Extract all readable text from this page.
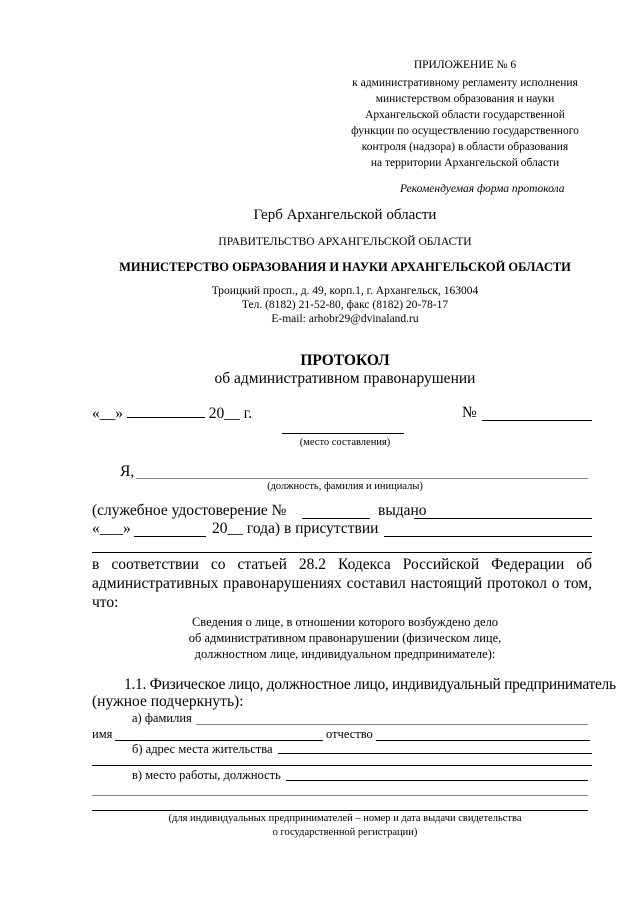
ПРИЛОЖЕНИЕ № 6
к административному регламенту исполнения
министерством образования и науки
Архангельской области государственной
функции по осуществлению государственного
контроля (надзора) в области образования
на территории Архангельской области
Рекомендуемая форма протокола
Герб Архангельской области
ПРАВИТЕЛЬСТВО АРХАНГЕЛЬСКОЙ ОБЛАСТИ
МИНИСТЕРСТВО ОБРАЗОВАНИЯ И НАУКИ АРХАНГЕЛЬСКОЙ ОБЛАСТИ
Троицкий просп., д. 49, корп.1, г. Архангельск, 163004
Тел. (8182) 21-52-80, факс (8182) 20-78-17
E-mail: arhobr29@dvinaland.ru
ПРОТОКОЛ
об административном правонарушении
«__»	20__ г.	№
(место составления)
Я,
(должность, фамилия и инициалы)
(служебное удостоверение №	выдано
«___»	20__ года) в присутствии
в соответствии со статьей 28.2 Кодекса Российской Федерации об административных правонарушениях составил настоящий протокол о том, что:
Сведения о лице, в отношении которого возбуждено дело
об административном правонарушении (физическом лице,
должностном лице, индивидуальном предпринимателе):
1.1. Физическое лицо, должностное лицо, индивидуальный предприниматель
(нужное подчеркнуть):
а) фамилия
имя	отчество
б) адрес места жительства
в) место работы, должность
(для индивидуальных предпринимателей – номер и дата выдачи свидетельства
о государственной регистрации)
